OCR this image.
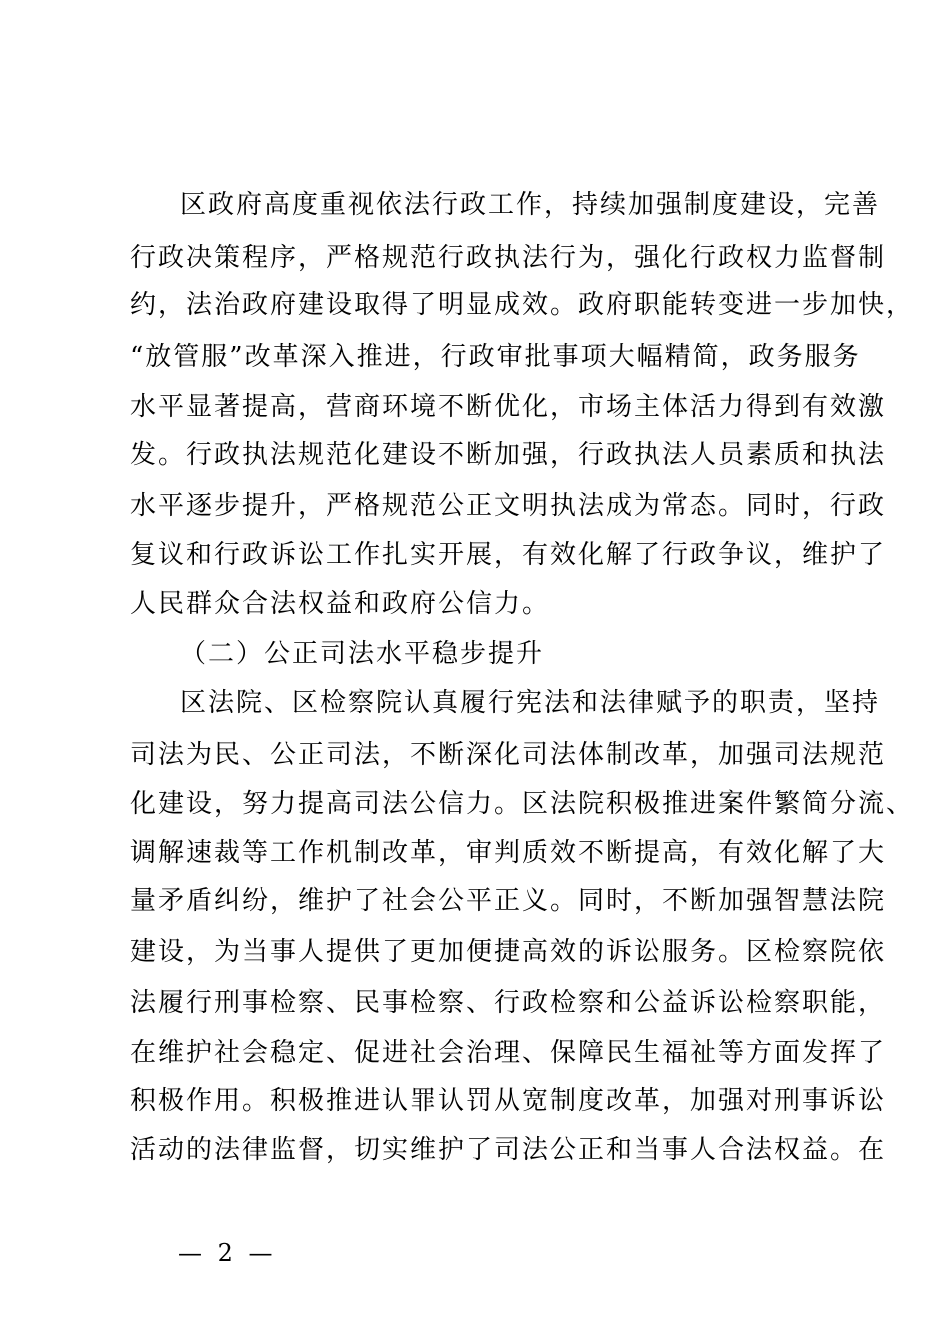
区政府高度重视依法行政工作，持续加强制度建设，完善
行政决策程序，严格规范行政执法行为，强化行政权力监督制
约，法治政府建设取得了明显成效。政府职能转变进一步加快，
“放管服”改革深入推进，行政审批事项大幅精简，政务服务
水平显著提高，营商环境不断优化，市场主体活力得到有效激
发。行政执法规范化建设不断加强，行政执法人员素质和执法
水平逐步提升，严格规范公正文明执法成为常态。同时，行政
复议和行政诉讼工作扎实开展，有效化解了行政争议，维护了
人民群众合法权益和政府公信力。
（二）公正司法水平稳步提升
区法院、区检察院认真履行宪法和法律赋予的职责，坚持
司法为民、公正司法，不断深化司法体制改革，加强司法规范
化建设，努力提高司法公信力。区法院积极推进案件繁简分流、
调解速裁等工作机制改革，审判质效不断提高，有效化解了大
量矛盾纠纷，维护了社会公平正义。同时，不断加强智慧法院
建设，为当事人提供了更加便捷高效的诉讼服务。区检察院依
法履行刑事检察、民事检察、行政检察和公益诉讼检察职能，
在维护社会稳定、促进社会治理、保障民生福祉等方面发挥了
积极作用。积极推进认罪认罚从宽制度改革，加强对刑事诉讼
活动的法律监督，切实维护了司法公正和当事人合法权益。在
— 2 —
